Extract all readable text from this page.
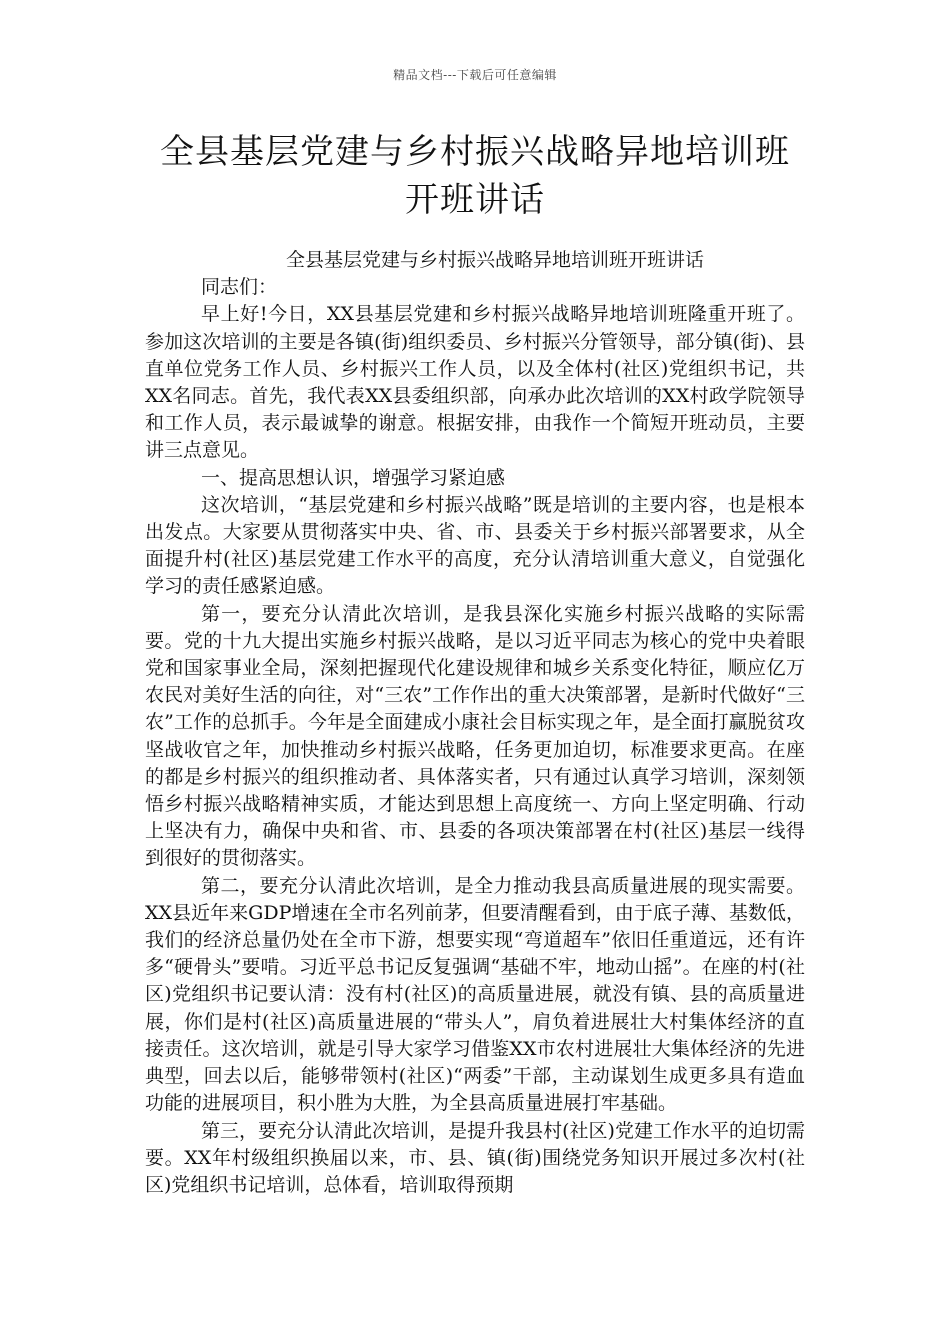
精品文档---下载后可任意编辑
全县基层党建与乡村振兴战略异地培训班
开班讲话
全县基层党建与乡村振兴战略异地培训班开班讲话
同志们：

早上好!今日，XX县基层党建和乡村振兴战略异地培训班隆重开班了。参加这次培训的主要是各镇(街)组织委员、乡村振兴分管领导，部分镇(街)、县直单位党务工作人员、乡村振兴工作人员，以及全体村(社区)党组织书记，共XX名同志。首先，我代表XX县委组织部，向承办此次培训的XX村政学院领导和工作人员，表示最诚挚的谢意。根据安排，由我作一个简短开班动员，主要讲三点意见。

一、提高思想认识，增强学习紧迫感

这次培训，“基层党建和乡村振兴战略”既是培训的主要内容，也是根本出发点。大家要从贯彻落实中央、省、市、县委关于乡村振兴部署要求，从全面提升村(社区)基层党建工作水平的高度，充分认清培训重大意义，自觉强化学习的责任感紧迫感。

第一，要充分认清此次培训，是我县深化实施乡村振兴战略的实际需要。党的十九大提出实施乡村振兴战略，是以习近平同志为核心的党中央着眼党和国家事业全局，深刻把握现代化建设规律和城乡关系变化特征，顺应亿万农民对美好生活的向往，对“三农”工作作出的重大决策部署，是新时代做好“三农”工作的总抓手。今年是全面建成小康社会目标实现之年，是全面打赢脱贫攻坚战收官之年，加快推动乡村振兴战略，任务更加迫切，标准要求更高。在座的都是乡村振兴的组织推动者、具体落实者，只有通过认真学习培训，深刻领悟乡村振兴战略精神实质，才能达到思想上高度统一、方向上坚定明确、行动上坚决有力，确保中央和省、市、县委的各项决策部署在村(社区)基层一线得到很好的贯彻落实。

第二，要充分认清此次培训，是全力推动我县高质量进展的现实需要。XX县近年来GDP增速在全市名列前茅，但要清醒看到，由于底子薄、基数低，我们的经济总量仍处在全市下游，想要实现“弯道超车”依旧任重道远，还有许多“硬骨头”要啃。习近平总书记反复强调“基础不牢，地动山摇”。在座的村(社区)党组织书记要认清：没有村(社区)的高质量进展，就没有镇、县的高质量进展，你们是村(社区)高质量进展的“带头人”，肩负着进展壮大村集体经济的直接责任。这次培训，就是引导大家学习借鉴XX市农村进展壮大集体经济的先进典型，回去以后，能够带领村(社区)“两委”干部，主动谋划生成更多具有造血功能的进展项目，积小胜为大胜，为全县高质量进展打牢基础。

第三，要充分认清此次培训，是提升我县村(社区)党建工作水平的迫切需要。XX年村级组织换届以来，市、县、镇(街)围绕党务知识开展过多次村(社区)党组织书记培训，总体看，培训取得预期
